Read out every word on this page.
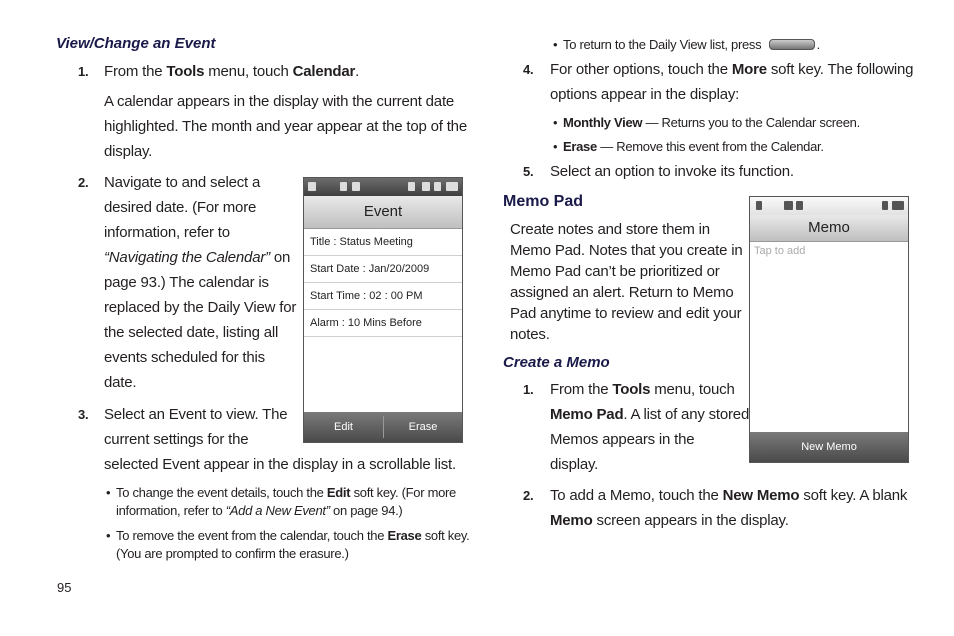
View/Change an Event
1. From the Tools menu, touch Calendar.
A calendar appears in the display with the current date
highlighted. The month and year appear at the top of the
display.
2. Navigate to and select a
desired date. (For more
information, refer to
“Navigating the Calendar” on
page 93.) The calendar is
replaced by the Daily View for
the selected date, listing all
events scheduled for this
date.
3. Select an Event to view. The
current settings for the
selected Event appear in the display in a scrollable list.
• To change the event details, touch the Edit soft key. (For more
information, refer to “Add a New Event” on page 94.)
• To remove the event from the calendar, touch the Erase soft key.
(You are prompted to confirm the erasure.)
95
Event
Title : Status Meeting
Start Date : Jan/20/2009
Start Time : 02 : 00 PM
Alarm : 10 Mins Before
Edit	Erase
• To return to the Daily View list, press	.
4. For other options, touch the More soft key. The following
options appear in the display:
• Monthly View — Returns you to the Calendar screen.
• Erase — Remove this event from the Calendar.
5. Select an option to invoke its function.
Memo Pad
Create notes and store them in
Memo Pad. Notes that you create in
Memo Pad can’t be prioritized or
assigned an alert. Return to Memo
Pad anytime to review and edit your
notes.
Create a Memo
1. From the Tools menu, touch
Memo Pad. A list of any stored
Memos appears in the
display.
2. To add a Memo, touch the New Memo soft key. A blank
Memo screen appears in the display.
Memo
Tap to add
New Memo
